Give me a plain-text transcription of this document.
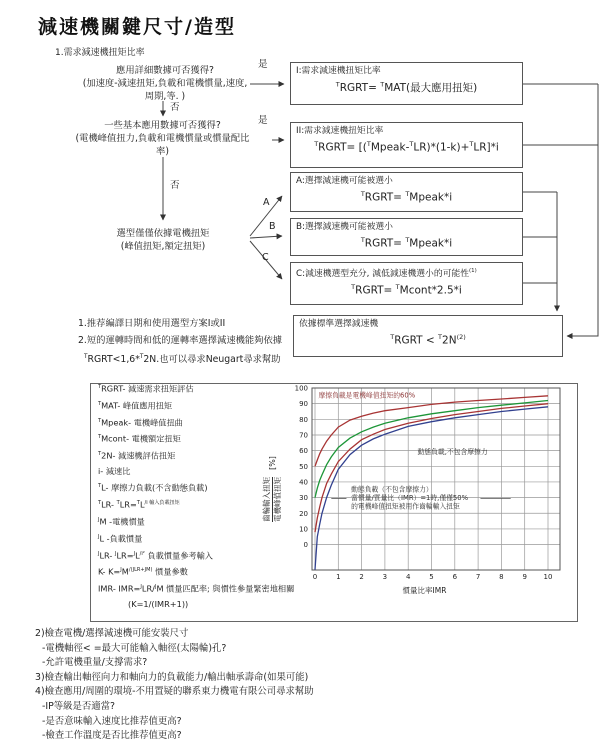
減速機關鍵尺寸/造型
1.需求減速機扭矩比率
應用詳細數據可否獲得?
(加速度-減速扭矩,負載和電機慣量,速度,
周期,等. )
一些基本應用數據可否獲得?
(電機峰值扭力,負載和電機慣量或慣量配比
率)
選型僅僅依據電機扭矩
(峰值扭矩,額定扭矩)
是
否
是
否
A
B
C
I:需求減速機扭矩比率
$^T$RGRT= $^T$MAT(最大應用扭矩)
II:需求減速機扭矩比率
$^T$RGRT= [($^T$Mpeak-$^T$LR)*(1-k)+$^T$LR]*i
A:選擇減速機可能被選小
$^T$RGRT= $^T$Mpeak*i
B:選擇減速機可能被選小
$^T$RGRT= $^T$Mpeak*i
C:減速機選型充分, 減低減速機選小的可能性$^{(1)}$
$^T$RGRT= $^T$Mcont*2.5*i
依據標準選擇減速機
$^T$RGRT < $^T2N^{(2)}$
1.推荐編譯日期和使用選型方案I或II
2.短的運轉時間和低的運轉率選擇減速機能夠依據
$^T$RGRT<1,6*$^T$2N.也可以尋求Neugart尋求幫助
$^T$RGRT- 減速需求扭矩評估
$^T$MAT- 峰值應用扭矩
$^T$Mpeak- 電機峰值扭曲
$^T$Mcont- 電機額定扭矩
$^T$2N- 減速機評估扭矩
i- 減速比
$^T$L- 摩擦力負載(不含動態負載)
$^T$LR- $^TLR=^TL^{/i 輸入負載扭矩}$
$^J$M -電機慣量
$^J$L -負載慣量
$^J$LR- $^JLR=^JL^{/i^2}$ 負載慣量參考輸入
K- $K=^JM^{/(JLR+JM)}$ 慣量參數
IMR- IMR=$^J$LR/$^J$M 慣量匹配率; 與慣性參量緊密地相關
(K=1/(IMR+1))
0	1	2	3	4	5	6	7	8	9 10
0
10
20
30
40
50
60
70
80
90
100
摩擦負載是電機峰值扭矩的60%
動態負載,不包含摩擦力
動態負載（不包含摩擦力）
當慣量/質量比（IMR）=1時,僅僅50%
的電機峰值扭矩被用作齒輪輸入扭矩
慣量比率IMR
齒輪輸入扭矩 電機峰值扭矩
[%]
2)檢查電機/選擇減速機可能安裝尺寸
-電機軸徑< =最大可能輸入軸徑(太陽輪)孔?
-允許電機重量/支撐需求?
3)檢查輸出軸徑向力和軸向力的負載能力/輸出軸承壽命(如果可能)
4)檢查應用/周圍的環境-不用置疑的聯系東力機電有限公司尋求幫助
-IP等級是否適當?
-是否意味輸入速度比推荐值更高?
-檢查工作溫度是否比推荐值更高?
